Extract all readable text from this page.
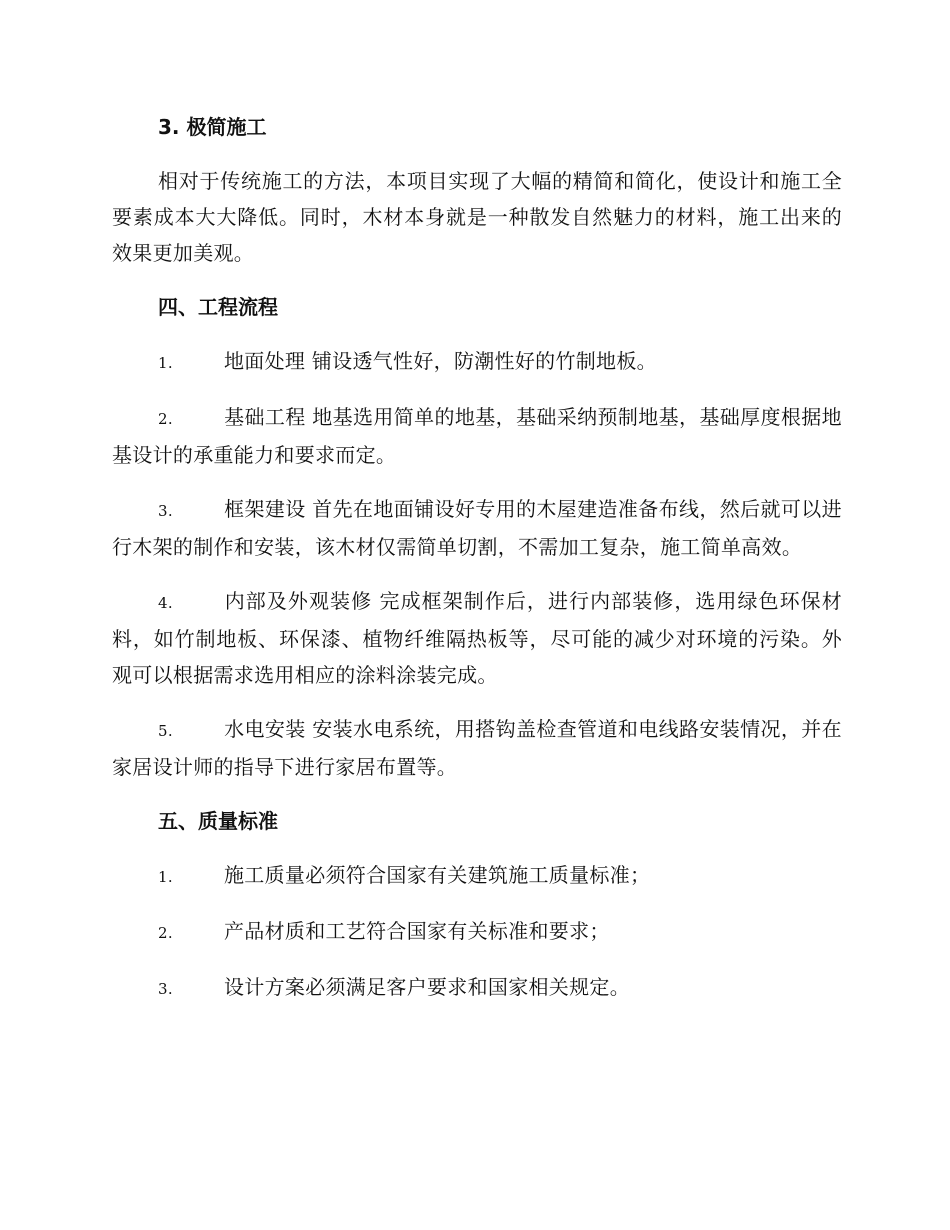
3. 极简施工

相对于传统施工的方法，本项目实现了大幅的精简和简化，使设计和施工全要素成本大大降低。同时，木材本身就是一种散发自然魅力的材料，施工出来的效果更加美观。

四、工程流程

1.	地面处理 铺设透气性好，防潮性好的竹制地板。

2.	基础工程 地基选用简单的地基，基础采纳预制地基，基础厚度根据地基设计的承重能力和要求而定。

3.	框架建设 首先在地面铺设好专用的木屋建造准备布线，然后就可以进行木架的制作和安装，该木材仅需简单切割，不需加工复杂，施工简单高效。

4.	内部及外观装修 完成框架制作后，进行内部装修，选用绿色环保材料，如竹制地板、环保漆、植物纤维隔热板等，尽可能的减少对环境的污染。外观可以根据需求选用相应的涂料涂装完成。

5.	水电安装 安装水电系统，用搭钩盖检查管道和电线路安装情况，并在家居设计师的指导下进行家居布置等。

五、质量标准

1.	施工质量必须符合国家有关建筑施工质量标准；

2.	产品材质和工艺符合国家有关标准和要求；

3.	设计方案必须满足客户要求和国家相关规定。
